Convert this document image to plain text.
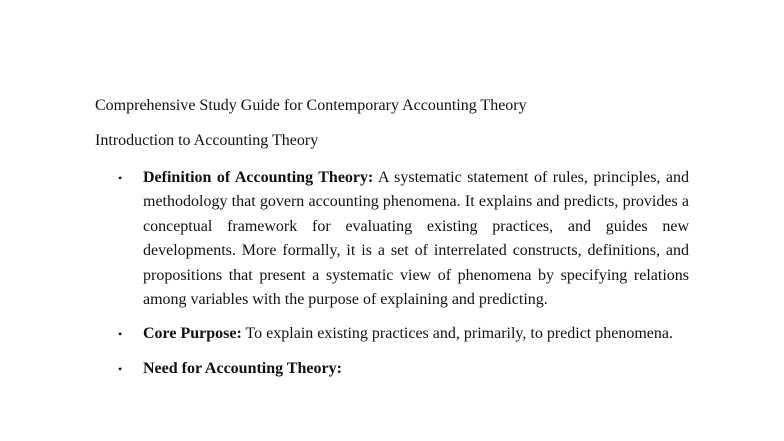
Comprehensive Study Guide for Contemporary Accounting Theory
Introduction to Accounting Theory
• Definition of Accounting Theory: A systematic statement of rules, principles, and methodology that govern accounting phenomena. It explains and predicts, provides a conceptual framework for evaluating existing practices, and guides new developments. More formally, it is a set of interrelated constructs, definitions, and propositions that present a systematic view of phenomena by specifying relations among variables with the purpose of explaining and predicting.
• Core Purpose: To explain existing practices and, primarily, to predict phenomena.
• Need for Accounting Theory:
